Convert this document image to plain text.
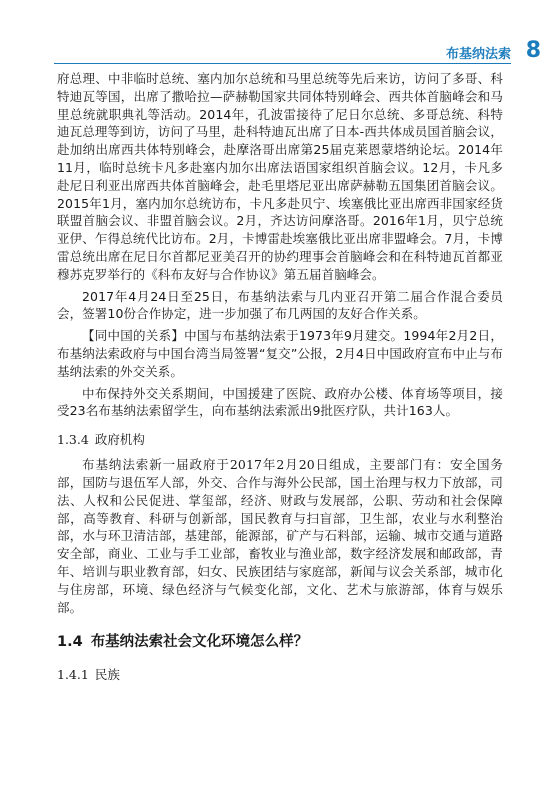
布基纳法索 8

府总理、中非临时总统、塞内加尔总统和马里总统等先后来访，访问了多哥、科特迪瓦等国，出席了撒哈拉—萨赫勒国家共同体特别峰会、西共体首脑峰会和马里总统就职典礼等活动。2014年，孔波雷接待了尼日尔总统、多哥总统、科特迪瓦总理等到访，访问了马里，赴科特迪瓦出席了日本-西共体成员国首脑会议，赴加纳出席西共体特别峰会，赴摩洛哥出席第25届克莱恩蒙塔纳论坛。2014年11月，临时总统卡凡多赴塞内加尔出席法语国家组织首脑会议。12月，卡凡多赴尼日利亚出席西共体首脑峰会，赴毛里塔尼亚出席萨赫勒五国集团首脑会议。2015年1月，塞内加尔总统访布，卡凡多赴贝宁、埃塞俄比亚出席西非国家经货联盟首脑会议、非盟首脑会议。2月，齐达访问摩洛哥。2016年1月，贝宁总统亚伊、乍得总统代比访布。2月，卡博雷赴埃塞俄比亚出席非盟峰会。7月，卡博雷总统出席在尼日尔首都尼亚美召开的协约理事会首脑峰会和在科特迪瓦首都亚穆苏克罗举行的《科布友好与合作协议》第五届首脑峰会。

2017年4月24日至25日，布基纳法索与几内亚召开第二届合作混合委员会，签署10份合作协定，进一步加强了布几两国的友好合作关系。

【同中国的关系】中国与布基纳法索于1973年9月建交。1994年2月2日，布基纳法索政府与中国台湾当局签署“复交”公报，2月4日中国政府宣布中止与布基纳法索的外交关系。

中布保持外交关系期间，中国援建了医院、政府办公楼、体育场等项目，接受23名布基纳法索留学生，向布基纳法索派出9批医疗队，共计163人。

1.3.4 政府机构

布基纳法索新一届政府于2017年2月20日组成，主要部门有：安全国务部，国防与退伍军人部，外交、合作与海外公民部，国土治理与权力下放部，司法、人权和公民促进、掌玺部，经济、财政与发展部，公职、劳动和社会保障部，高等教育、科研与创新部，国民教育与扫盲部，卫生部，农业与水利整治部，水与环卫清洁部，基建部，能源部，矿产与石料部，运输、城市交通与道路安全部，商业、工业与手工业部，畜牧业与渔业部，数字经济发展和邮政部，青年、培训与职业教育部，妇女、民族团结与家庭部，新闻与议会关系部，城市化与住房部，环境、绿色经济与气候变化部，文化、艺术与旅游部，体育与娱乐部。

1.4 布基纳法索社会文化环境怎么样？
1.4.1 民族
